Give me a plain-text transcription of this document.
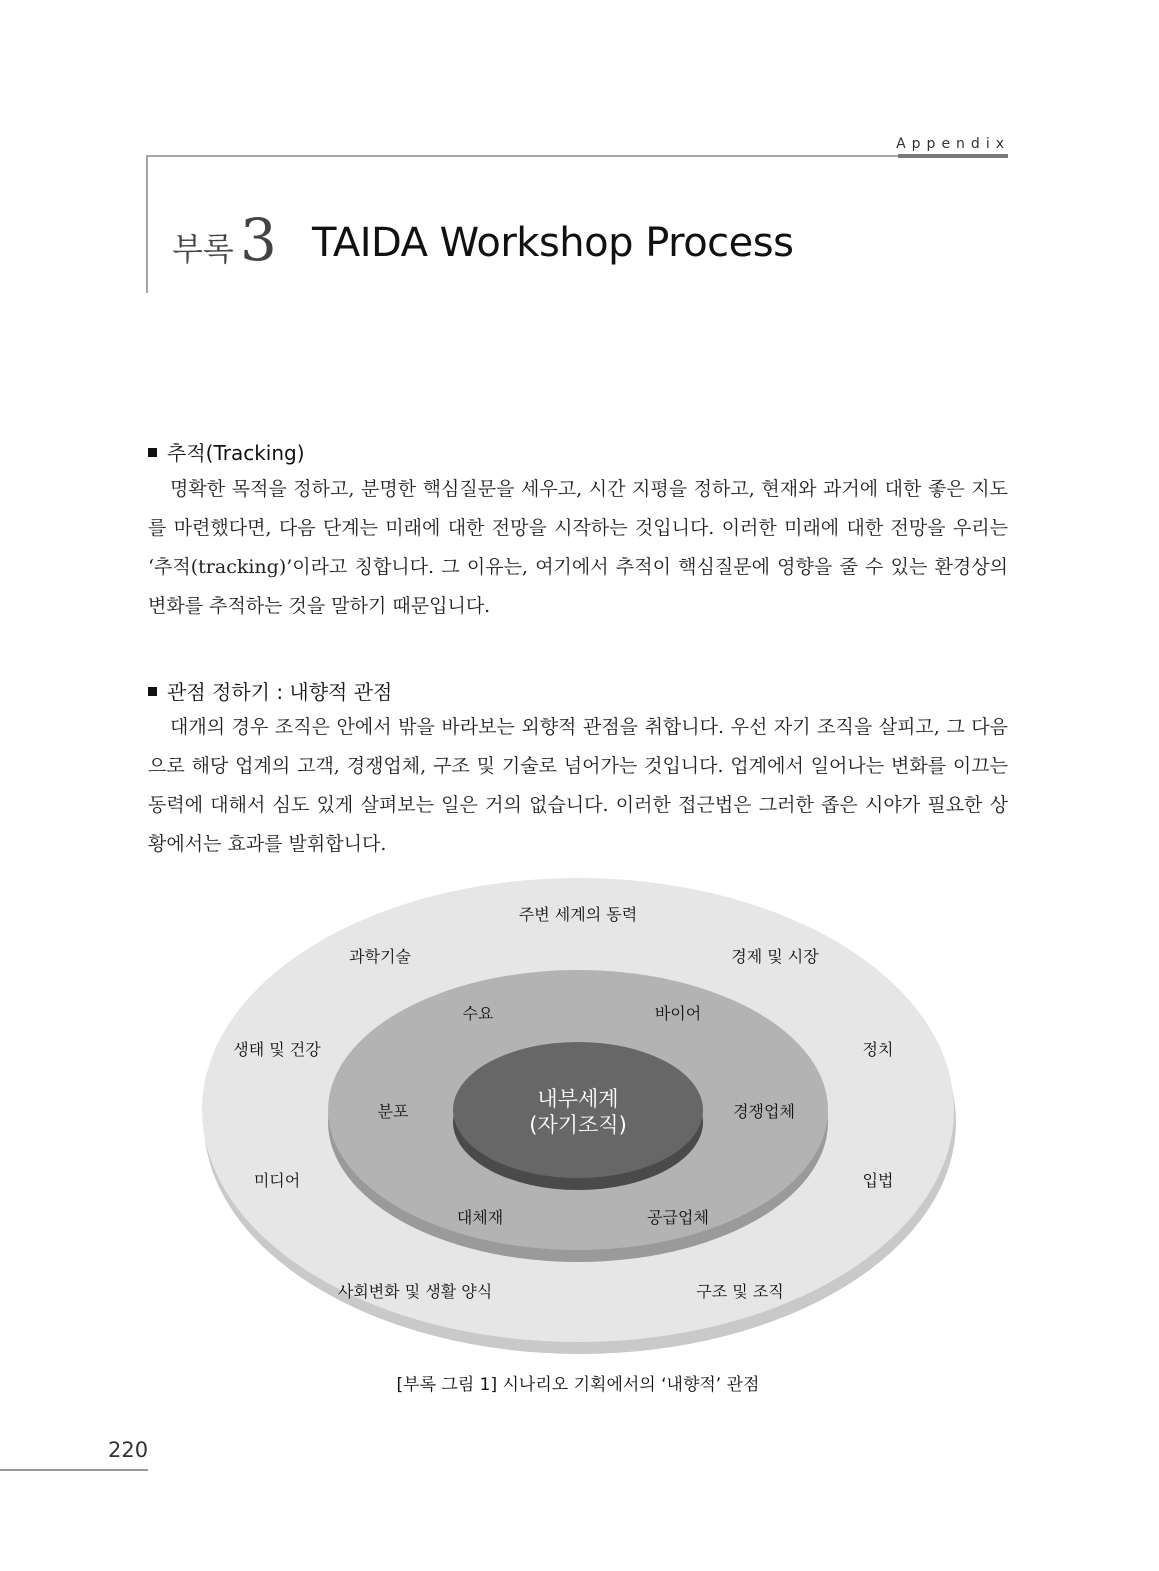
Appendix
부록 3 TAIDA Workshop Process
추적(Tracking)
명확한 목적을 정하고, 분명한 핵심질문을 세우고, 시간 지평을 정하고, 현재와 과거에 대한 좋은 지도를 마련했다면, 다음 단계는 미래에 대한 전망을 시작하는 것입니다. 이러한 미래에 대한 전망을 우리는 ‘추적(tracking)’이라고 칭합니다. 그 이유는, 여기에서 추적이 핵심질문에 영향을 줄 수 있는 환경상의 변화를 추적하는 것을 말하기 때문입니다.
관점 정하기 : 내향적 관점
대개의 경우 조직은 안에서 밖을 바라보는 외향적 관점을 취합니다. 우선 자기 조직을 살피고, 그 다음으로 해당 업계의 고객, 경쟁업체, 구조 및 기술로 넘어가는 것입니다. 업계에서 일어나는 변화를 이끄는 동력에 대해서 심도 있게 살펴보는 일은 거의 없습니다. 이러한 접근법은 그러한 좁은 시야가 필요한 상황에서는 효과를 발휘합니다.
주변 세계의 동력
과학기술	경제 및 시장
생태 및 건강	정치
미디어	입법
사회변화 및 생활 양식	구조 및 조직
수요	바이어
분포	경쟁업체
대체재	공급업체
내부세계
(자기조직)
[부록 그림 1] 시나리오 기획에서의 ‘내향적’ 관점
220
